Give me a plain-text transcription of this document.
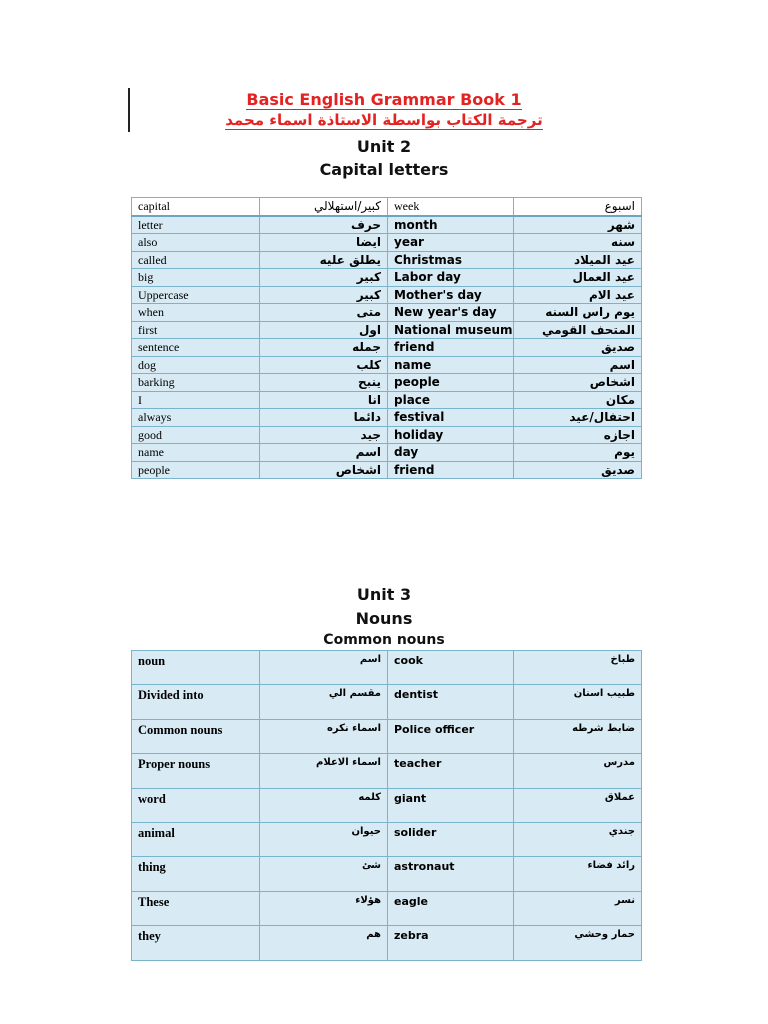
Basic English Grammar Book 1
ترجمة الكتاب بواسطة الاستاذة اسماء محمد
Unit 2
Capital letters
capital	كبير/استهلالي	week	اسبوع
letter	حرف	month	شهر
also	ايضا	year	سنه
called	يطلق عليه	Christmas	عيد الميلاد
big	كبير	Labor day	عيد العمال
Uppercase	كبير	Mother's day	عيد الام
when	متى	New year's day	يوم راس السنه
first	اول	National museum	المتحف القومي
sentence	جمله	friend	صديق
dog	كلب	name	اسم
barking	ينبح	people	اشخاص
I	انا	place	مكان
always	دائما	festival	احتفال/عيد
good	جيد	holiday	اجازه
name	اسم	day	يوم
people	اشخاص	friend	صديق
Unit 3
Nouns
Common nouns
noun	اسم	cook	طباخ
Divided into	مقسم الي	dentist	طبيب اسنان
Common nouns	اسماء نكره	Police officer	ضابط شرطه
Proper nouns	اسماء الاعلام	teacher	مدرس
word	كلمه	giant	عملاق
animal	حيوان	solider	جندي
thing	شئ	astronaut	رائد فضاء
These	هؤلاء	eagle	نسر
they	هم	zebra	حمار وحشي
